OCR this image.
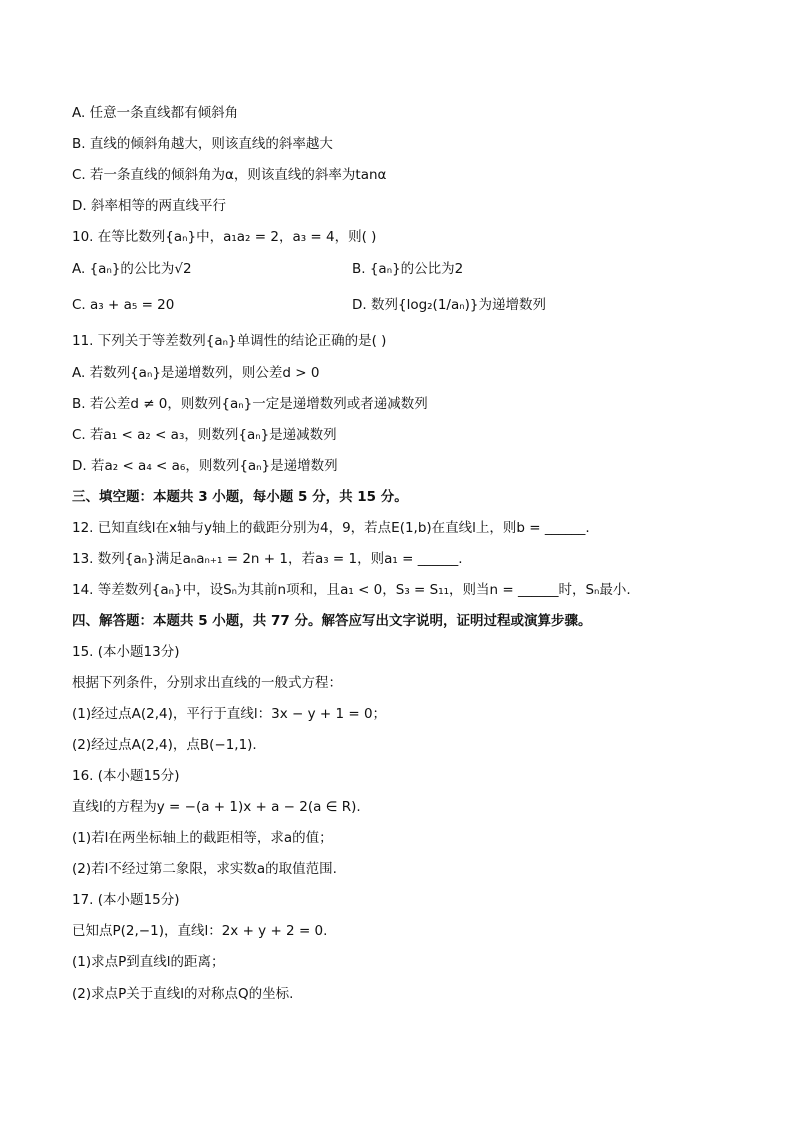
A. 任意一条直线都有倾斜角
B. 直线的倾斜角越大，则该直线的斜率越大
C. 若一条直线的倾斜角为α，则该直线的斜率为tanα
D. 斜率相等的两直线平行
10. 在等比数列{aₙ}中，a₁a₂ = 2，a₃ = 4，则( )
A. {aₙ}的公比为√2	B. {aₙ}的公比为2
C. a₃ + a₅ = 20	D. 数列{log₂(1/aₙ)}为递增数列
11. 下列关于等差数列{aₙ}单调性的结论正确的是( )
A. 若数列{aₙ}是递增数列，则公差d > 0
B. 若公差d ≠ 0，则数列{aₙ}一定是递增数列或者递减数列
C. 若a₁ < a₂ < a₃，则数列{aₙ}是递减数列
D. 若a₂ < a₄ < a₆，则数列{aₙ}是递增数列
三、填空题：本题共 3 小题，每小题 5 分，共 15 分。
12. 已知直线l在x轴与y轴上的截距分别为4，9，若点E(1,b)在直线l上，则b = ______.
13. 数列{aₙ}满足aₙaₙ₊₁ = 2n + 1，若a₃ = 1，则a₁ = ______.
14. 等差数列{aₙ}中，设Sₙ为其前n项和，且a₁ < 0，S₃ = S₁₁，则当n = ______时，Sₙ最小.
四、解答题：本题共 5 小题，共 77 分。解答应写出文字说明，证明过程或演算步骤。
15. (本小题13分)
根据下列条件，分别求出直线的一般式方程：
(1)经过点A(2,4)，平行于直线l：3x − y + 1 = 0；
(2)经过点A(2,4)，点B(−1,1).
16. (本小题15分)
直线l的方程为y = −(a + 1)x + a − 2(a ∈ R).
(1)若l在两坐标轴上的截距相等，求a的值；
(2)若l不经过第二象限，求实数a的取值范围.
17. (本小题15分)
已知点P(2,−1)，直线l：2x + y + 2 = 0.
(1)求点P到直线l的距离；
(2)求点P关于直线l的对称点Q的坐标.
